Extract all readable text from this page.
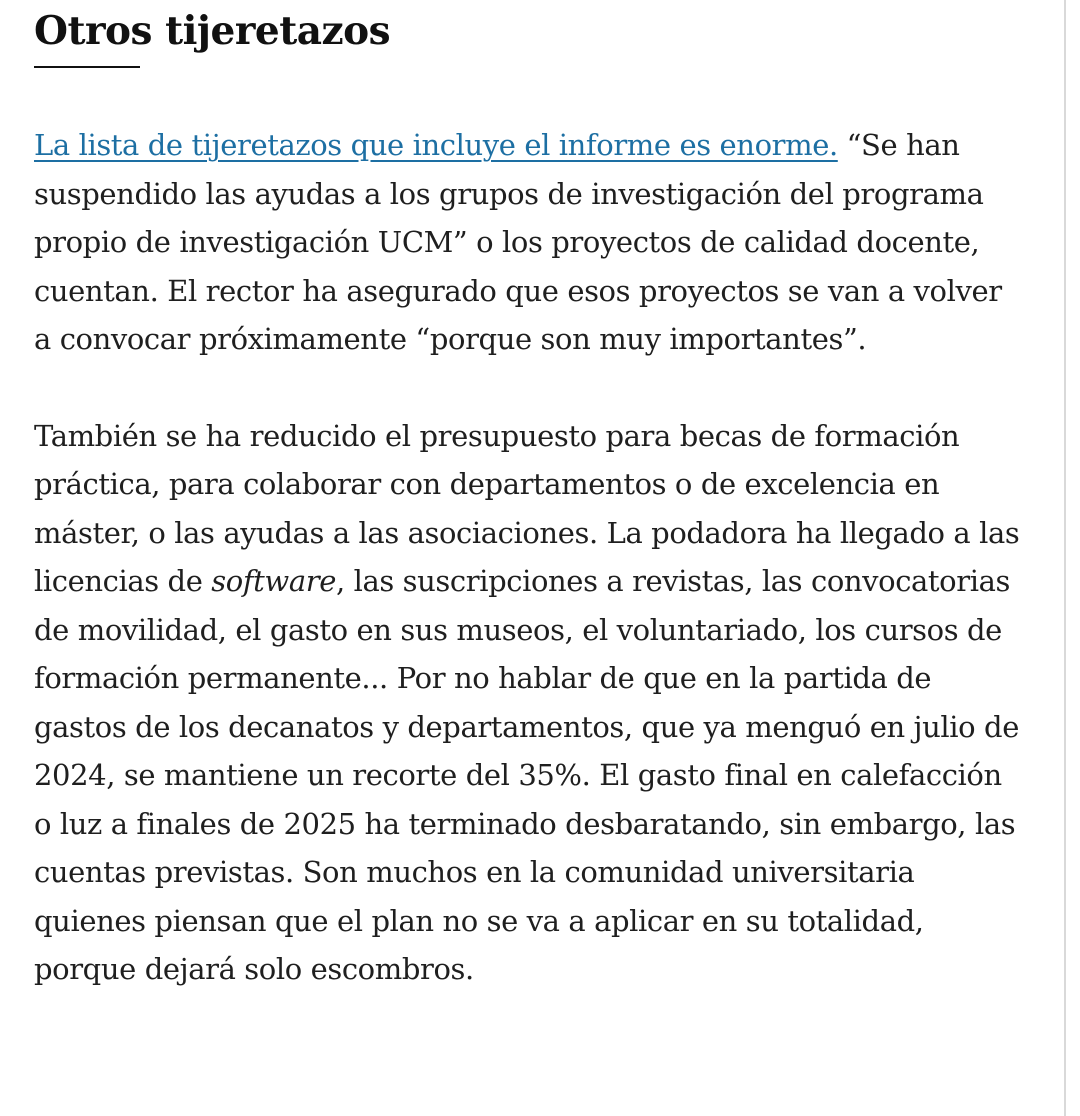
Otros tijeretazos

La lista de tijeretazos que incluye el informe es enorme. “Se han suspendido las ayudas a los grupos de investigación del programa propio de investigación UCM” o los proyectos de calidad docente, cuentan. El rector ha asegurado que esos proyectos se van a volver a convocar próximamente “porque son muy importantes”.

También se ha reducido el presupuesto para becas de formación práctica, para colaborar con departamentos o de excelencia en máster, o las ayudas a las asociaciones. La podadora ha llegado a las licencias de software, las suscripciones a revistas, las convocatorias de movilidad, el gasto en sus museos, el voluntariado, los cursos de formación permanente... Por no hablar de que en la partida de gastos de los decanatos y departamentos, que ya menguó en julio de 2024, se mantiene un recorte del 35%. El gasto final en calefacción o luz a finales de 2025 ha terminado desbaratando, sin embargo, las cuentas previstas. Son muchos en la comunidad universitaria quienes piensan que el plan no se va a aplicar en su totalidad, porque dejará solo escombros.
